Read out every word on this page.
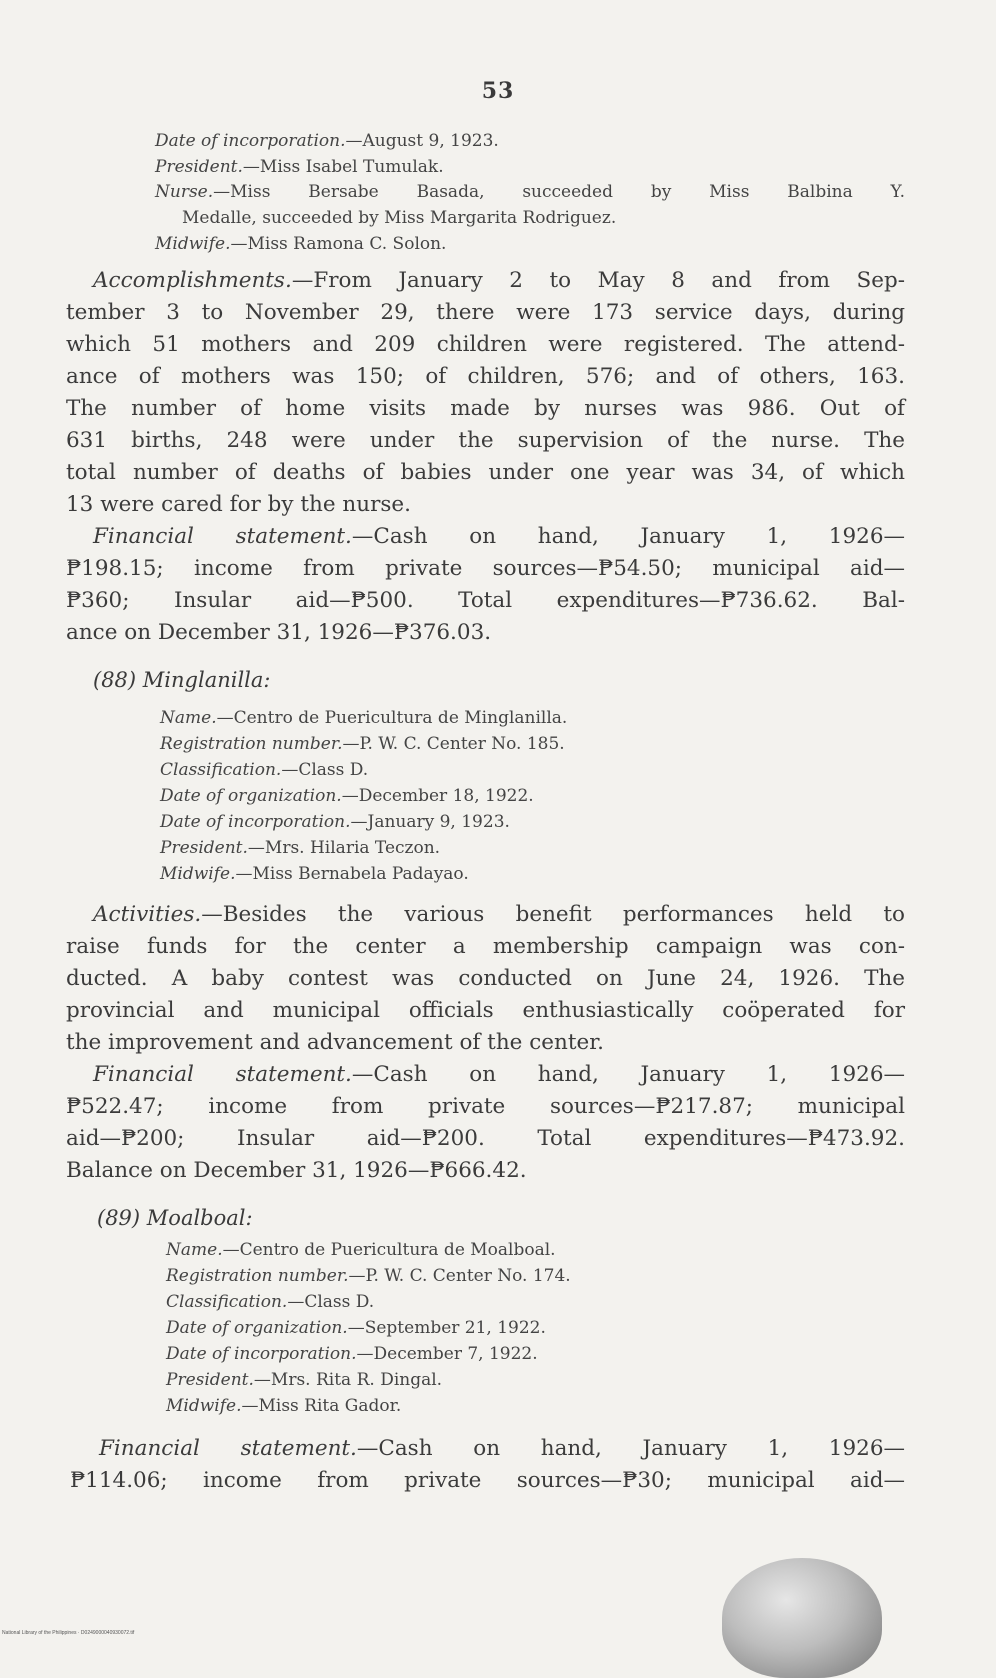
53
Date of incorporation.—August 9, 1923.
President.—Miss Isabel Tumulak.
Nurse.—Miss Bersabe Basada, succeeded by Miss Balbina Y.
Medalle, succeeded by Miss Margarita Rodriguez.
Midwife.—Miss Ramona C. Solon.
Accomplishments.—From January 2 to May 8 and from Sep-
tember 3 to November 29, there were 173 service days, during
which 51 mothers and 209 children were registered. The attend-
ance of mothers was 150; of children, 576; and of others, 163.
The number of home visits made by nurses was 986. Out of
631 births, 248 were under the supervision of the nurse. The
total number of deaths of babies under one year was 34, of which
13 were cared for by the nurse.
Financial statement.—Cash on hand, January 1, 1926—
₱198.15; income from private sources—₱54.50; municipal aid—
₱360; Insular aid—₱500. Total expenditures—₱736.62. Bal-
ance on December 31, 1926—₱376.03.
(88) Minglanilla:
Name.—Centro de Puericultura de Minglanilla.
Registration number.—P. W. C. Center No. 185.
Classification.—Class D.
Date of organization.—December 18, 1922.
Date of incorporation.—January 9, 1923.
President.—Mrs. Hilaria Teczon.
Midwife.—Miss Bernabela Padayao.
Activities.—Besides the various benefit performances held to
raise funds for the center a membership campaign was con-
ducted. A baby contest was conducted on June 24, 1926. The
provincial and municipal officials enthusiastically coöperated for
the improvement and advancement of the center.
Financial statement.—Cash on hand, January 1, 1926—
₱522.47; income from private sources—₱217.87; municipal
aid—₱200; Insular aid—₱200. Total expenditures—₱473.92.
Balance on December 31, 1926—₱666.42.
(89) Moalboal:
Name.—Centro de Puericultura de Moalboal.
Registration number.—P. W. C. Center No. 174.
Classification.—Class D.
Date of organization.—September 21, 1922.
Date of incorporation.—December 7, 1922.
President.—Mrs. Rita R. Dingal.
Midwife.—Miss Rita Gador.
Financial statement.—Cash on hand, January 1, 1926—
₱114.06; income from private sources—₱30; municipal aid—
National Library of the Philippines · D0249000040930072.tif
